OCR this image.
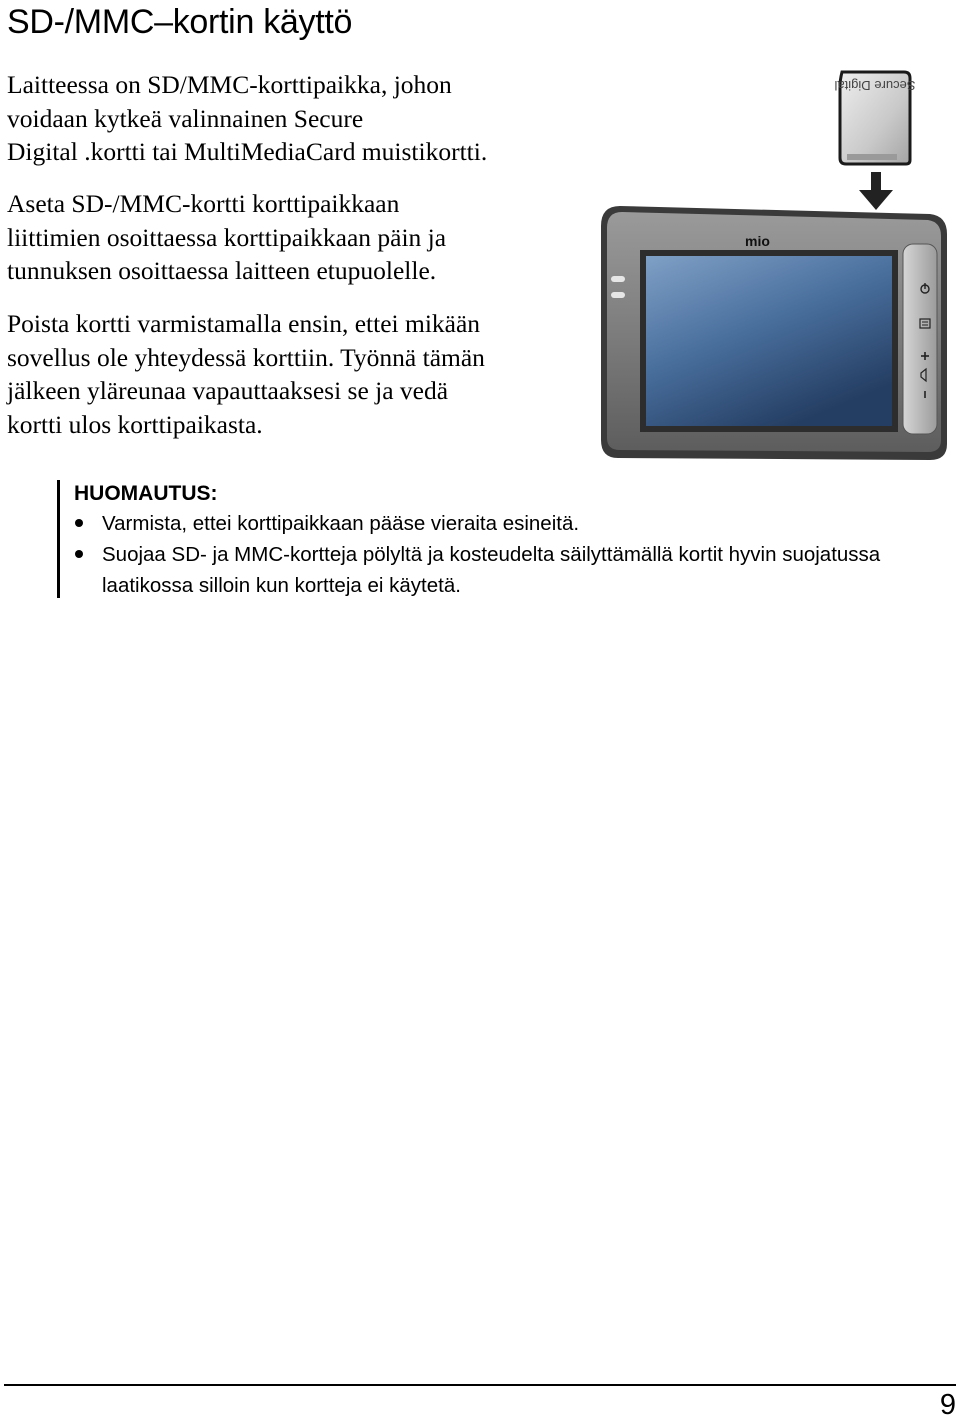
SD-/MMC–kortin käyttö

Laitteessa on SD/MMC-korttipaikka, johon
voidaan kytkeä valinnainen Secure
Digital .kortti tai MultiMediaCard muistikortti.

Aseta SD-/MMC-kortti korttipaikkaan
liittimien osoittaessa korttipaikkaan päin ja
tunnuksen osoittaessa laitteen etupuolelle.

Poista kortti varmistamalla ensin, ettei mikään
sovellus ole yhteydessä korttiin. Työnnä tämän
jälkeen yläreunaa vapauttaaksesi se ja vedä
kortti ulos korttipaikasta.

Secure Digital
mio

HUOMAUTUS:

Varmista, ettei korttipaikkaan pääse vieraita esineitä.
Suojaa SD- ja MMC-kortteja pölyltä ja kosteudelta säilyttämällä kortit hyvin suojatussa
laatikossa silloin kun kortteja ei käytetä.
9
